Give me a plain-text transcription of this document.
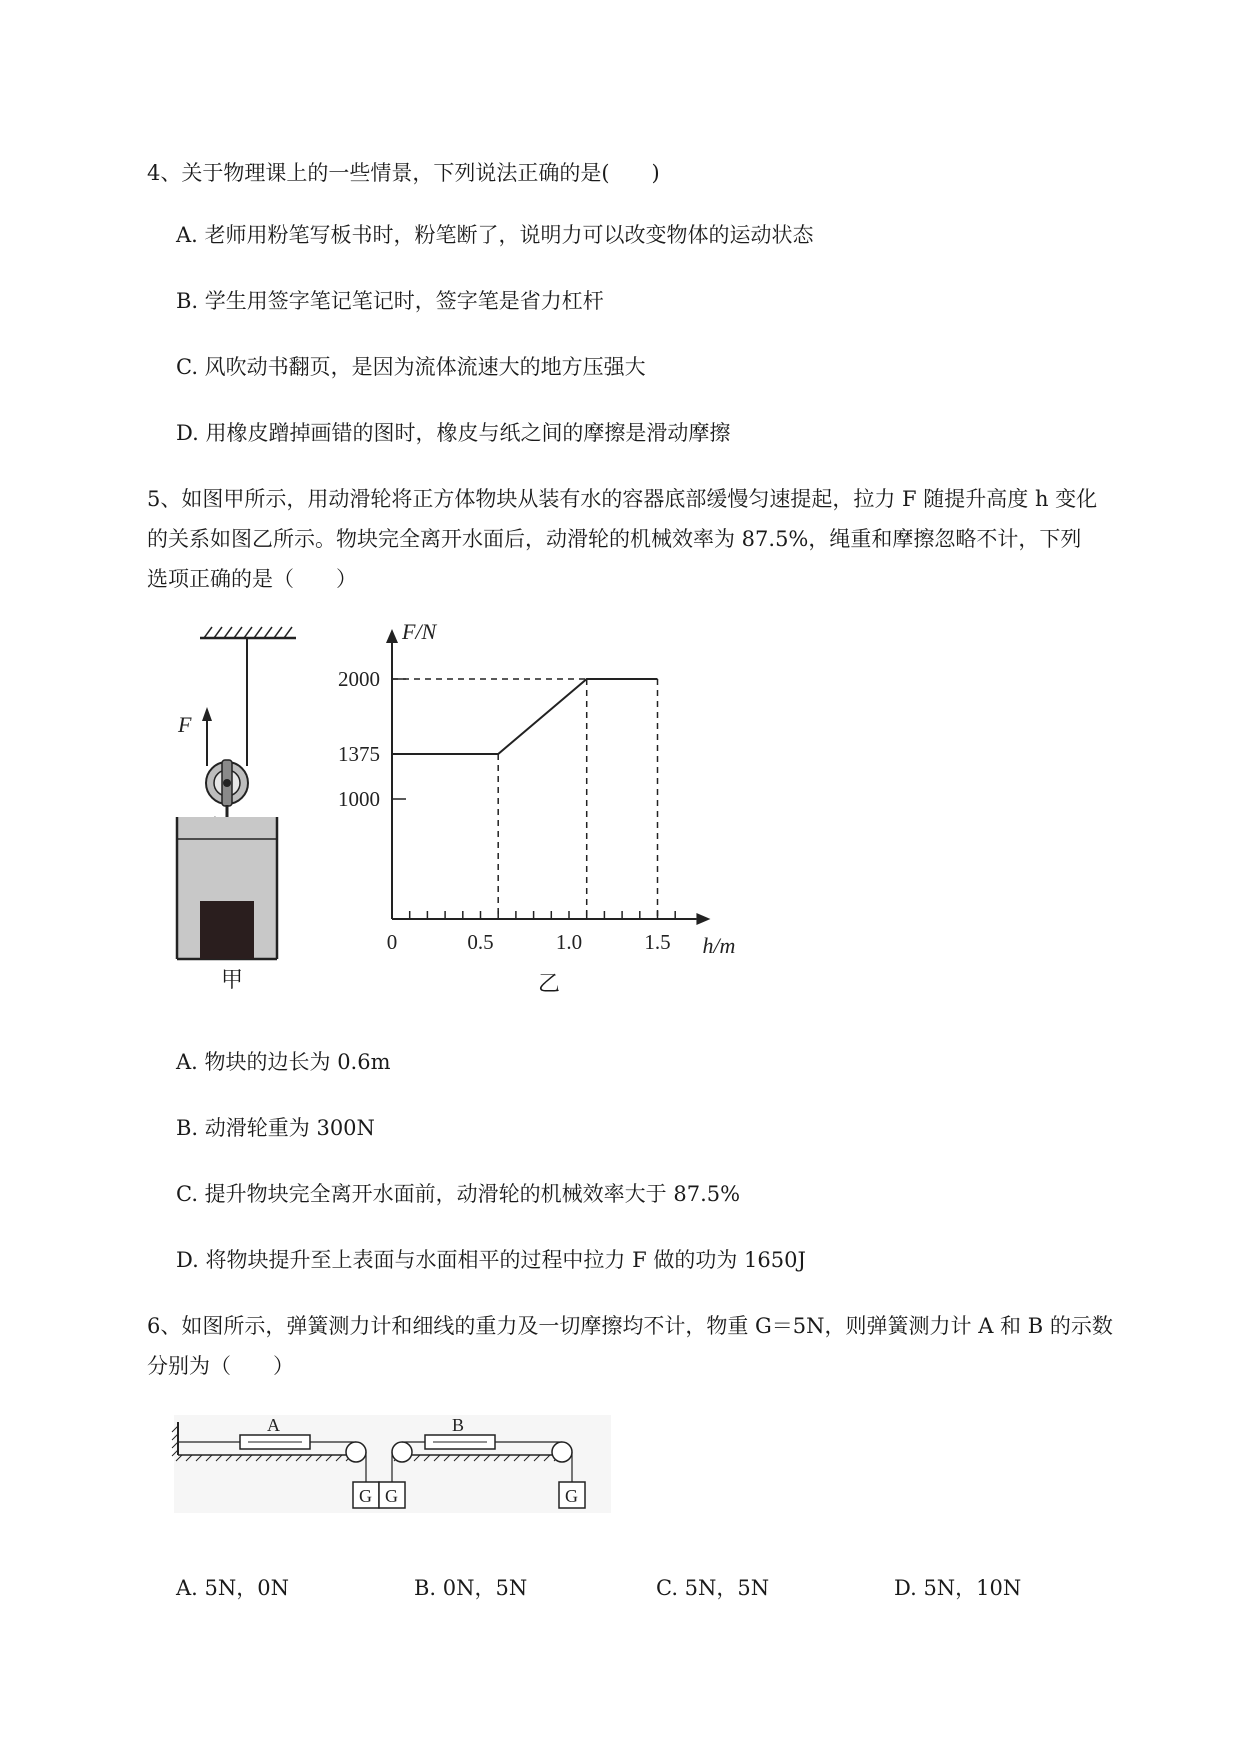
4、关于物理课上的一些情景，下列说法正确的是(　　)
A. 老师用粉笔写板书时，粉笔断了，说明力可以改变物体的运动状态
B. 学生用签字笔记笔记时，签字笔是省力杠杆
C. 风吹动书翻页，是因为流体流速大的地方压强大
D. 用橡皮蹭掉画错的图时，橡皮与纸之间的摩擦是滑动摩擦
5、如图甲所示，用动滑轮将正方体物块从装有水的容器底部缓慢匀速提起，拉力 F 随提升高度 h 变化
的关系如图乙所示。物块完全离开水面后，动滑轮的机械效率为 87.5%，绳重和摩擦忽略不计，下列
选项正确的是（　　）
F
甲
1000
1375
2000
0	0.5	1.0	1.5
F/N
h/m
乙
A. 物块的边长为 0.6m
B. 动滑轮重为 300N
C. 提升物块完全离开水面前，动滑轮的机械效率大于 87.5%
D. 将物块提升至上表面与水面相平的过程中拉力 F 做的功为 1650J
6、如图所示，弹簧测力计和细线的重力及一切摩擦均不计，物重 G＝5N，则弹簧测力计 A 和 B 的示数
分别为（　　）
A
G G
B
G
A. 5N，0N	B. 0N，5N	C. 5N，5N	D. 5N，10N
